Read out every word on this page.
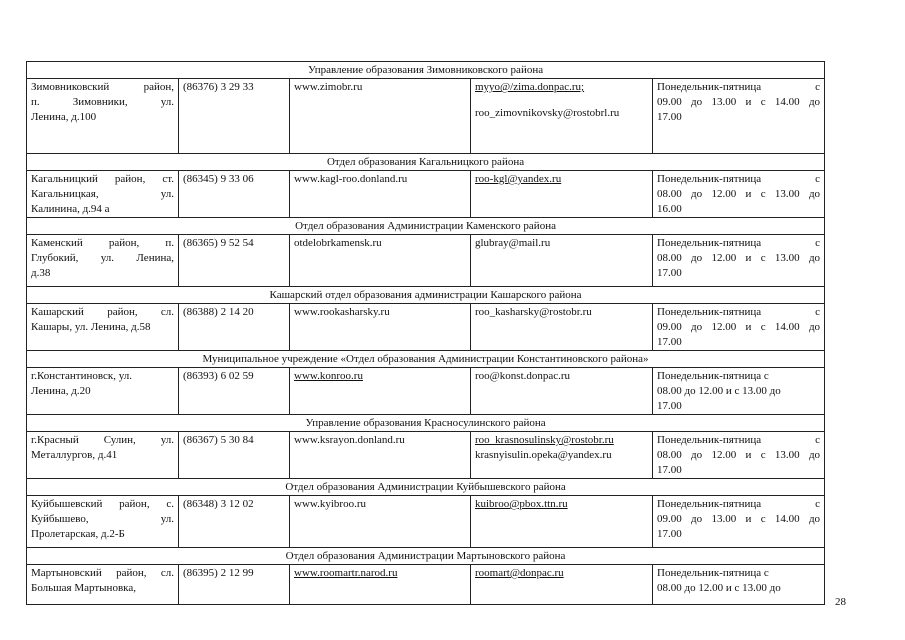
Управление образования Зимовниковского района				

Зимовниковский район,
п. Зимовники, ул.
Ленина, д.100	(86376) 3 29 33	www.zimobr.ru	myyo@/zima.donpac.ru;
roo_zimovnikovsky@rostobrl.ru	Понедельник-пятница с
09.00 до 13.00 и с 14.00 до
17.00

Отдел образования Кагальницкого района				

Кагальницкий район, ст.
Кагальницкая, ул.
Калинина, д.94 а	(86345) 9 33 06	www.kagl-roo.donland.ru	roo-kgl@yandex.ru	Понедельник-пятница с
08.00 до 12.00 и с 13.00 до
16.00

Отдел образования Администрации Каменского района				

Каменский район, п.
Глубокий, ул. Ленина,
д.38	(86365) 9 52 54	otdelobrkamensk.ru	glubray@mail.ru	Понедельник-пятница с
08.00 до 12.00 и с 13.00 до
17.00

Кашарский отдел образования администрации Кашарского района				

Кашарский район, сл.
Кашары, ул. Ленина, д.58	(86388) 2 14 20	www.rookasharsky.ru	roo_kasharsky@rostobr.ru	Понедельник-пятница с
09.00 до 12.00 и с 14.00 до
17.00

Муниципальное учреждение «Отдел образования Администрации Константиновского района»				

г.Константиновск, ул.
Ленина, д.20	(86393) 6 02 59	www.konroo.ru	roo@konst.donpac.ru	Понедельник-пятница с
08.00 до 12.00 и с 13.00 до
17.00

Управление образования Красносулинского района				

г.Красный Сулин, ул.
Металлургов, д.41	(86367) 5 30 84	www.ksrayon.donland.ru	roo_krasnosulinsky@rostobr.ru
krasnyisulin.opeka@yandex.ru	Понедельник-пятница с
08.00 до 12.00 и с 13.00 до
17.00

Отдел образования Администрации Куйбышевского района				

Куйбышевский район, с.
Куйбышево, ул.
Пролетарская, д.2-Б	(86348) 3 12 02	www.kyibroo.ru	kuibroo@pbox.ttn.ru	Понедельник-пятница с
09.00 до 13.00 и с 14.00 до
17.00

Отдел образования Администрации Мартыновского района				

Мартыновский район, сл.
Большая Мартыновка,	(86395) 2 12 99	www.roomartr.narod.ru	roomart@donpac.ru	Понедельник-пятница с
08.00 до 12.00 и с 13.00 до
28
